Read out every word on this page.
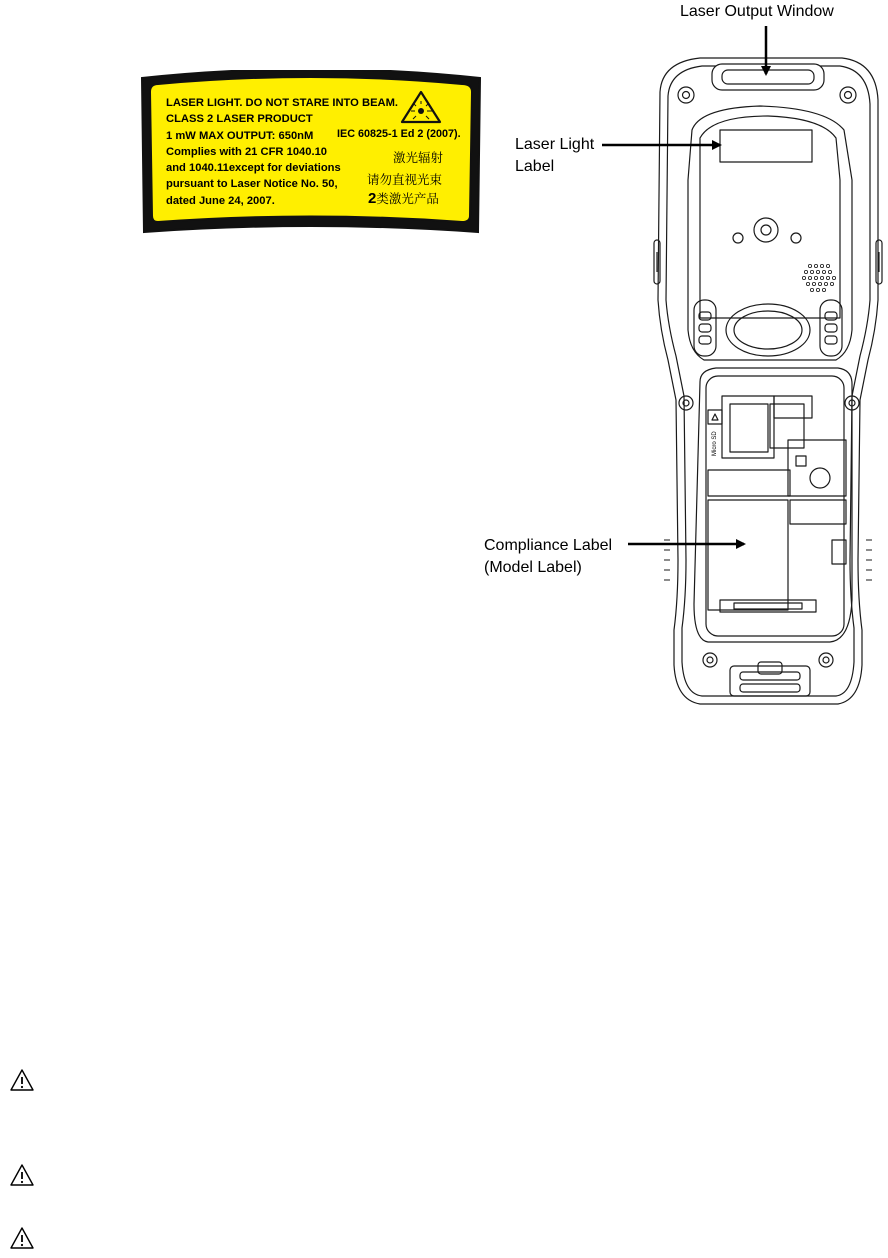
LASER LIGHT. DO NOT STARE INTO BEAM.
CLASS 2 LASER PRODUCT
1 mW MAX OUTPUT: 650nM
Complies with 21 CFR 1040.10
and 1040.11except for deviations
pursuant to Laser Notice No. 50,
dated June 24, 2007.
IEC 60825-1 Ed 2 (2007).
激光辐射
请勿直视光束
2类激光产品
Micro SD
Laser Output Window
Laser Light
Label
Compliance Label
(Model Label)
